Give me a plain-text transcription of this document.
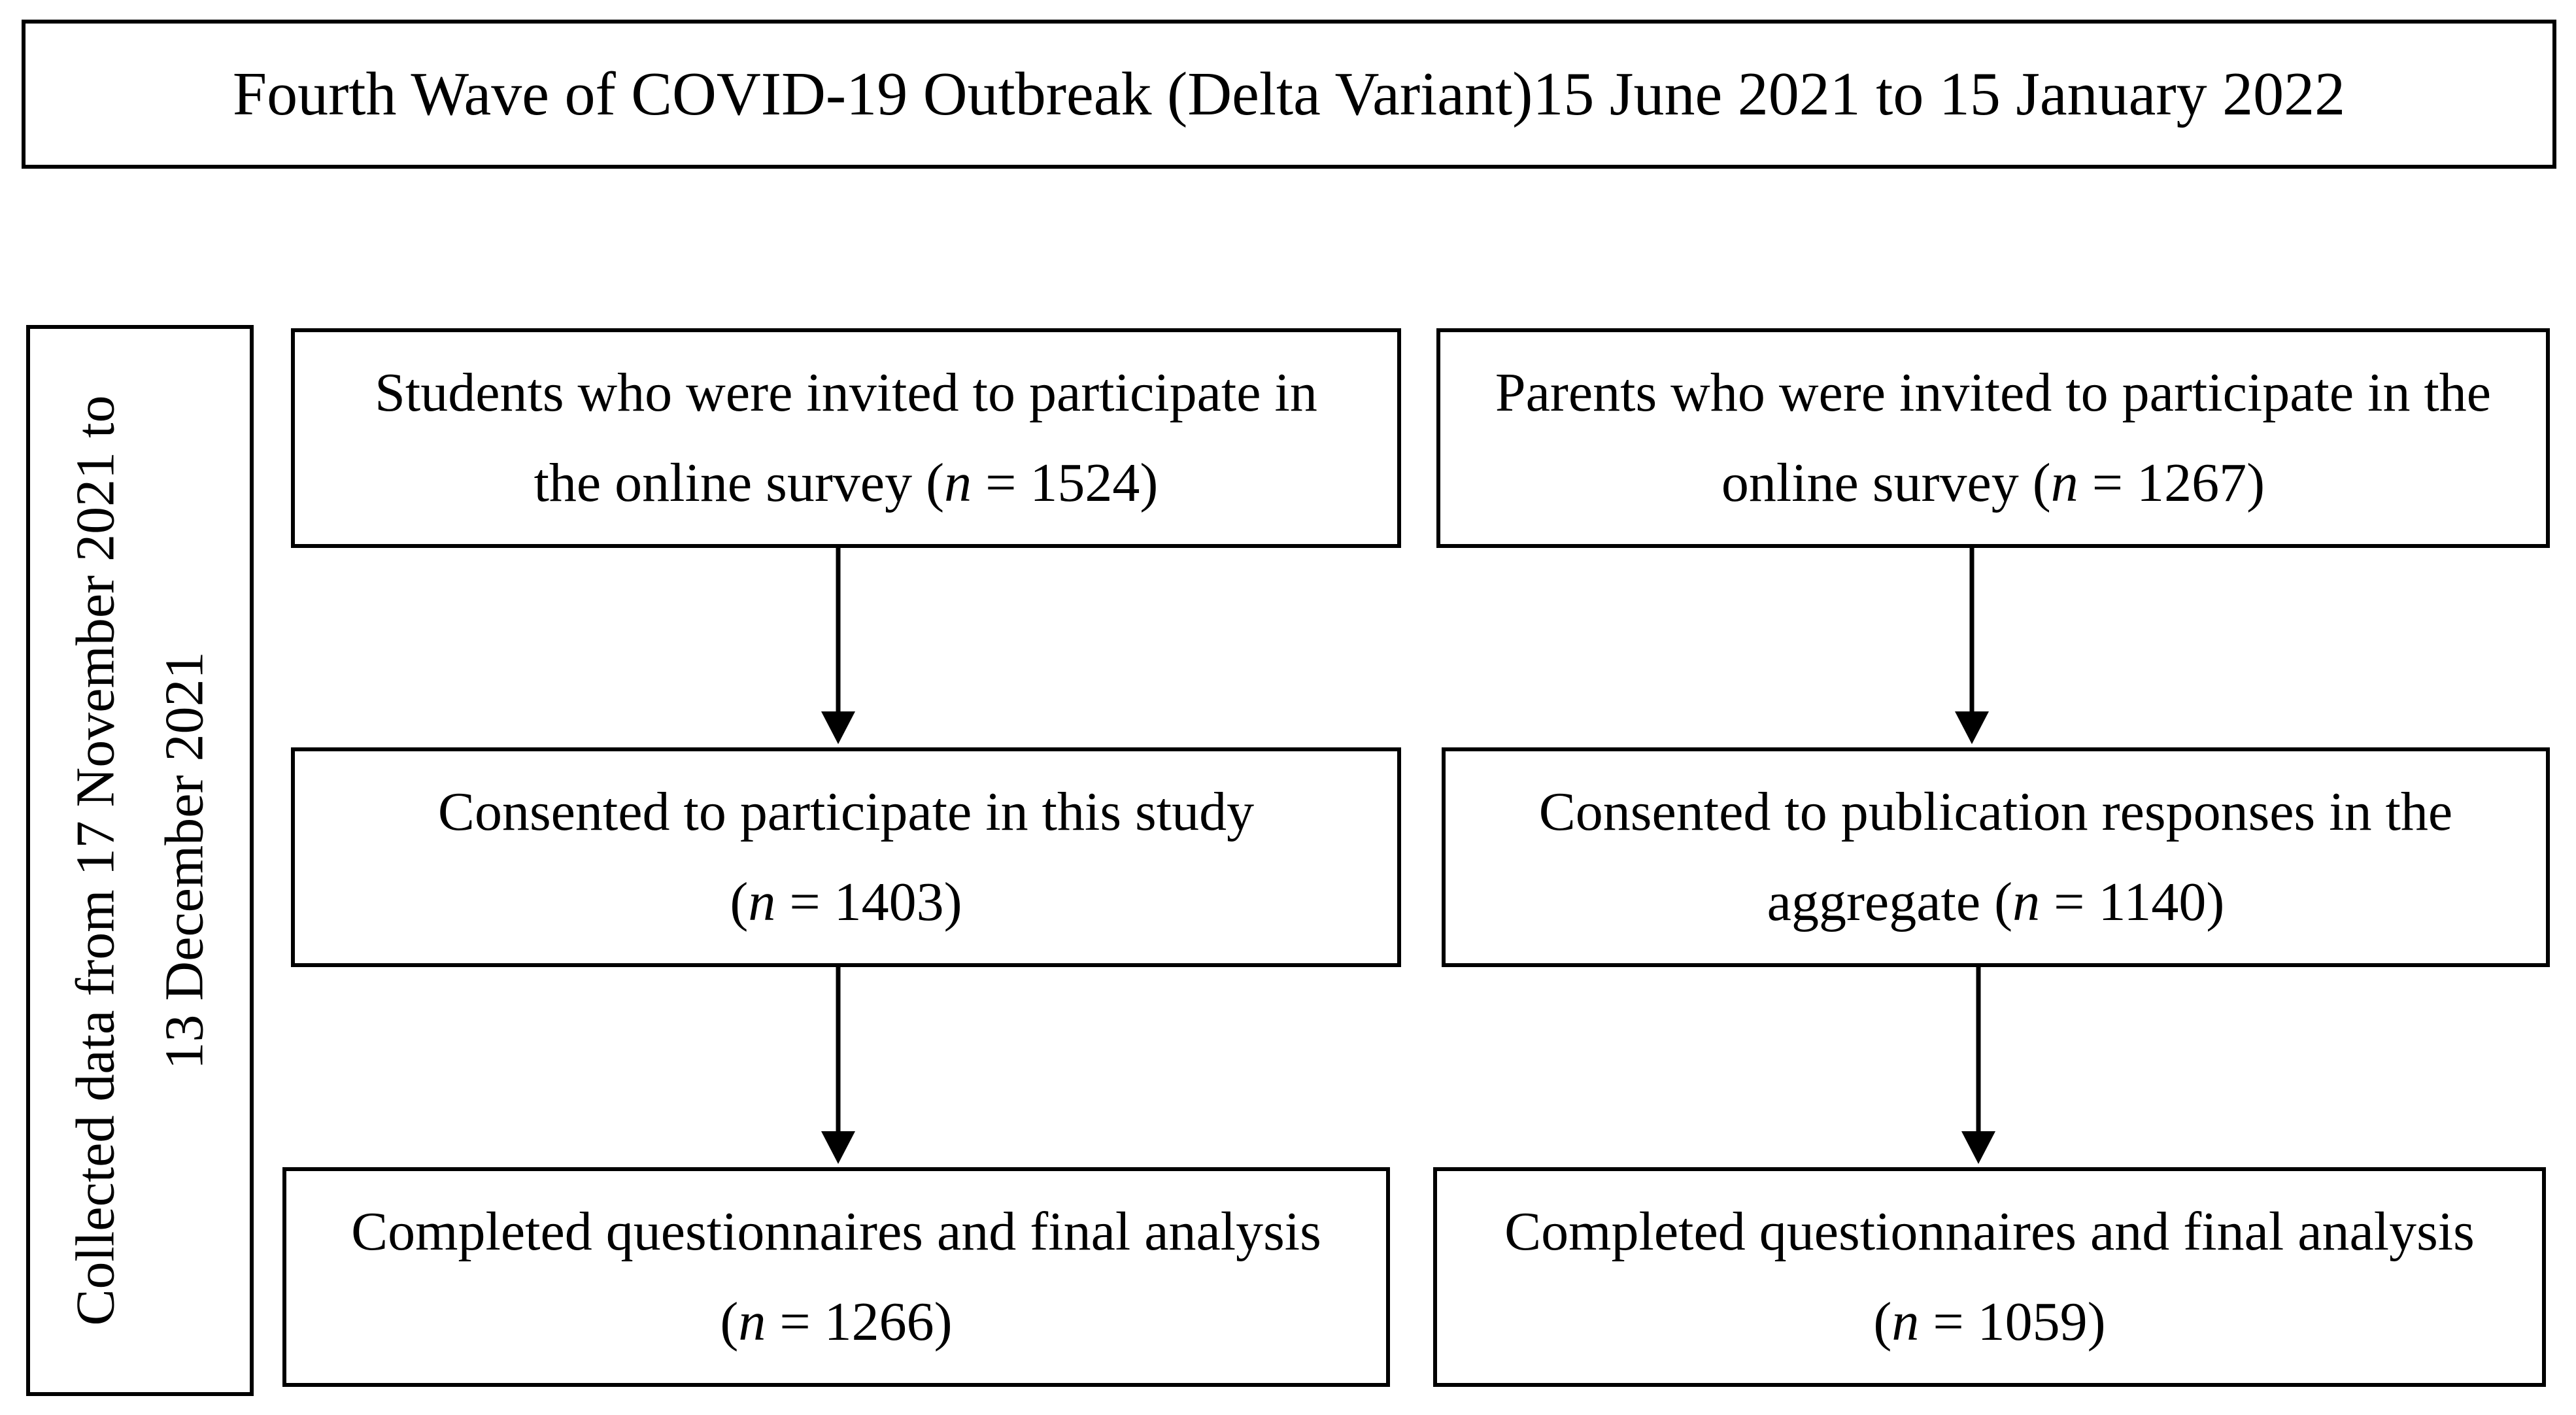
Fourth Wave of COVID-19 Outbreak (Delta Variant)15 June 2021 to 15 January 2022
Collected data from 17 November 2021 to 13 December 2021
Students who were invited to participate in
the online survey (n = 1524)
Parents who were invited to participate in the
online survey (n = 1267)
Consented to participate in this study
(n = 1403)
Consented to publication responses in the
aggregate (n = 1140)
Completed questionnaires and final analysis
(n = 1266)
Completed questionnaires and final analysis
(n = 1059)
